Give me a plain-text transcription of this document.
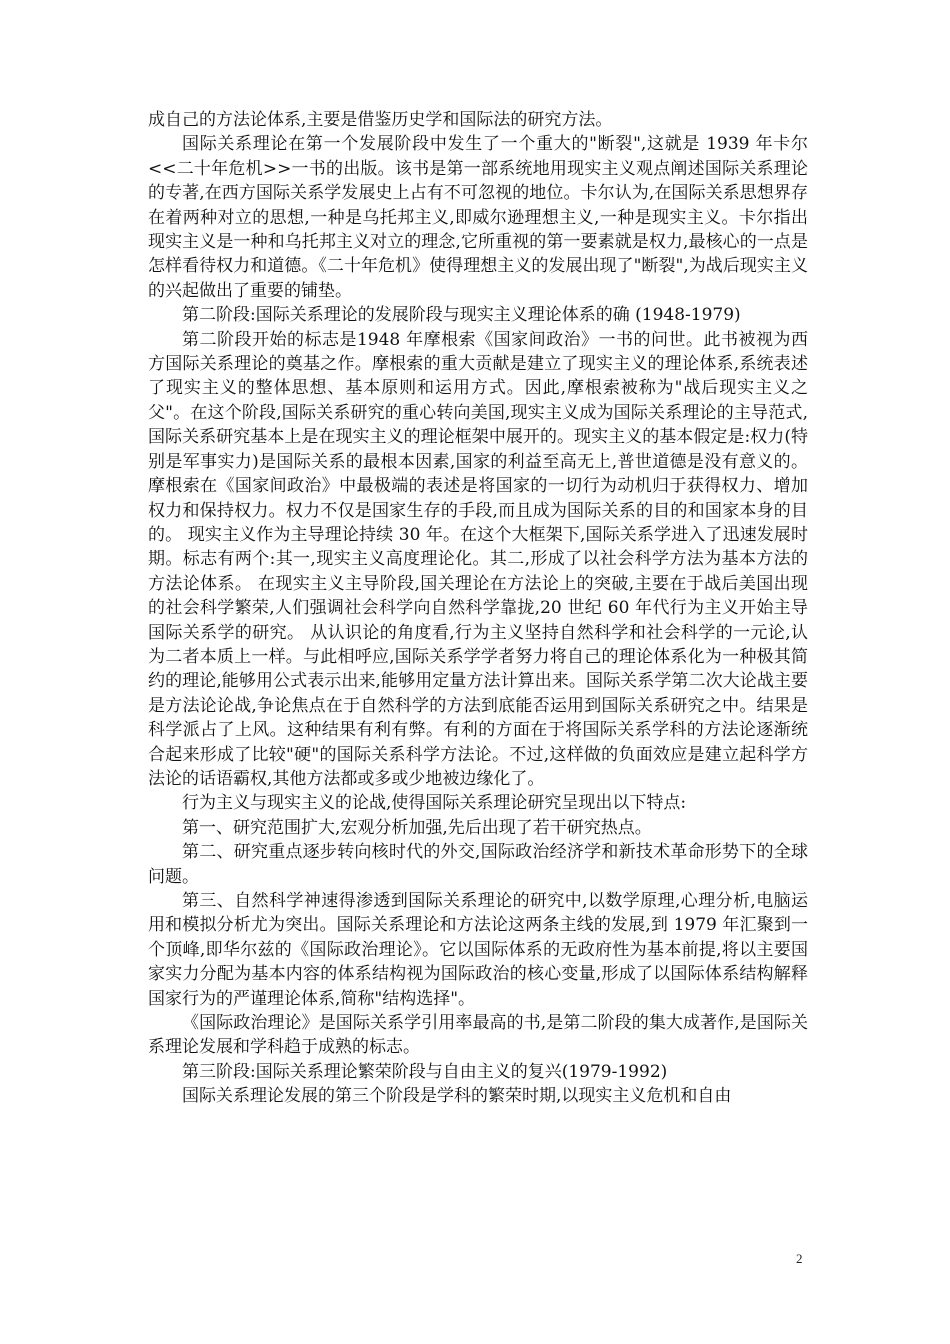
成自己的方法论体系,主要是借鉴历史学和国际法的研究方法。

国际关系理论在第一个发展阶段中发生了一个重大的"断裂",这就是 1939 年卡尔<<二十年危机>>一书的出版。该书是第一部系统地用现实主义观点阐述国际关系理论的专著,在西方国际关系学发展史上占有不可忽视的地位。卡尔认为,在国际关系思想界存在着两种对立的思想,一种是乌托邦主义,即威尔逊理想主义,一种是现实主义。卡尔指出现实主义是一种和乌托邦主义对立的理念,它所重视的第一要素就是权力,最核心的一点是怎样看待权力和道德。《二十年危机》使得理想主义的发展出现了"断裂",为战后现实主义的兴起做出了重要的铺垫。

第二阶段:国际关系理论的发展阶段与现实主义理论体系的确 (1948-1979)

第二阶段开始的标志是1948 年摩根索《国家间政治》一书的问世。此书被视为西方国际关系理论的奠基之作。摩根索的重大贡献是建立了现实主义的理论体系,系统表述了现实主义的整体思想、基本原则和运用方式。因此,摩根索被称为"战后现实主义之父"。在这个阶段,国际关系研究的重心转向美国,现实主义成为国际关系理论的主导范式,国际关系研究基本上是在现实主义的理论框架中展开的。现实主义的基本假定是:权力(特别是军事实力)是国际关系的最根本因素,国家的利益至高无上,普世道德是没有意义的。摩根索在《国家间政治》中最极端的表述是将国家的一切行为动机归于获得权力、增加权力和保持权力。权力不仅是国家生存的手段,而且成为国际关系的目的和国家本身的目的。 现实主义作为主导理论持续 30 年。在这个大框架下,国际关系学进入了迅速发展时期。标志有两个:其一,现实主义高度理论化。其二,形成了以社会科学方法为基本方法的方法论体系。 在现实主义主导阶段,国关理论在方法论上的突破,主要在于战后美国出现的社会科学繁荣,人们强调社会科学向自然科学靠拢,20 世纪 60 年代行为主义开始主导国际关系学的研究。 从认识论的角度看,行为主义坚持自然科学和社会科学的一元论,认为二者本质上一样。与此相呼应,国际关系学学者努力将自己的理论体系化为一种极其简约的理论,能够用公式表示出来,能够用定量方法计算出来。国际关系学第二次大论战主要是方法论论战,争论焦点在于自然科学的方法到底能否运用到国际关系研究之中。结果是科学派占了上风。这种结果有利有弊。有利的方面在于将国际关系学科的方法论逐渐统合起来形成了比较"硬"的国际关系科学方法论。不过,这样做的负面效应是建立起科学方法论的话语霸权,其他方法都或多或少地被边缘化了。

行为主义与现实主义的论战,使得国际关系理论研究呈现出以下特点:

第一、研究范围扩大,宏观分析加强,先后出现了若干研究热点。

第二、研究重点逐步转向核时代的外交,国际政治经济学和新技术革命形势下的全球问题。

第三、自然科学神速得渗透到国际关系理论的研究中,以数学原理,心理分析,电脑运用和模拟分析尤为突出。国际关系理论和方法论这两条主线的发展,到 1979 年汇聚到一个顶峰,即华尔兹的《国际政治理论》。它以国际体系的无政府性为基本前提,将以主要国家实力分配为基本内容的体系结构视为国际政治的核心变量,形成了以国际体系结构解释国家行为的严谨理论体系,简称"结构选择"。

《国际政治理论》是国际关系学引用率最高的书,是第二阶段的集大成著作,是国际关系理论发展和学科趋于成熟的标志。

第三阶段:国际关系理论繁荣阶段与自由主义的复兴(1979-1992)

国际关系理论发展的第三个阶段是学科的繁荣时期,以现实主义危机和自由

2
